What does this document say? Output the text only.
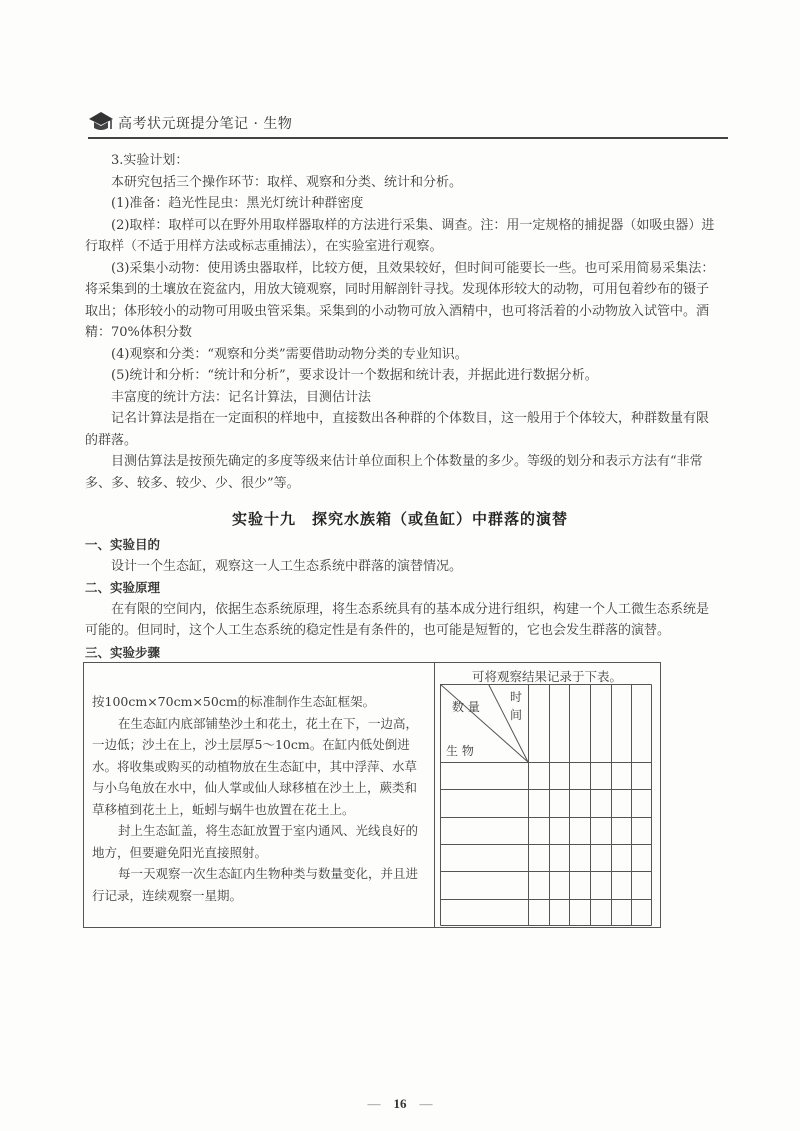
高考状元斑提分笔记 · 生物

3.实验计划：

本研究包括三个操作环节：取样、观察和分类、统计和分析。

(1)准备：趋光性昆虫：黑光灯统计种群密度

(2)取样：取样可以在野外用取样器取样的方法进行采集、调查。注：用一定规格的捕捉器（如吸虫器）进行取样（不适于用样方法或标志重捕法），在实验室进行观察。

(3)采集小动物：使用诱虫器取样，比较方便，且效果较好，但时间可能要长一些。也可采用简易采集法：将采集到的土壤放在瓷盆内，用放大镜观察，同时用解剖针寻找。发现体形较大的动物，可用包着纱布的镊子取出；体形较小的动物可用吸虫管采集。采集到的小动物可放入酒精中，也可将活着的小动物放入试管中。酒精：70%体积分数

(4)观察和分类：“观察和分类”需要借助动物分类的专业知识。

(5)统计和分析：“统计和分析”，要求设计一个数据和统计表，并据此进行数据分析。

丰富度的统计方法：记名计算法，目测估计法

记名计算法是指在一定面积的样地中，直接数出各种群的个体数目，这一般用于个体较大，种群数量有限的群落。

目测估算法是按预先确定的多度等级来估计单位面积上个体数量的多少。等级的划分和表示方法有“非常多、多、较多、较少、少、很少”等。

实验十九　探究水族箱（或鱼缸）中群落的演替

一、实验目的

设计一个生态缸，观察这一人工生态系统中群落的演替情况。

二、实验原理

在有限的空间内，依据生态系统原理，将生态系统具有的基本成分进行组织，构建一个人工微生态系统是可能的。但同时，这个人工生态系统的稳定性是有条件的，也可能是短暂的，它也会发生群落的演替。

三、实验步骤

按100cm×70cm×50cm的标准制作生态缸框架。

在生态缸内底部铺垫沙土和花土，花土在下，一边高，一边低；沙土在上，沙土层厚5～10cm。在缸内低处倒进水。将收集或购买的动植物放在生态缸中，其中浮萍、水草与小乌龟放在水中，仙人掌或仙人球移植在沙土上，蕨类和草移植到花土上，蚯蚓与蜗牛也放置在花土上。

封上生态缸盖，将生态缸放置于室内通风、光线良好的地方，但要避免阳光直接照射。

每一天观察一次生态缸内生物种类与数量变化，并且进行记录，连续观察一星期。

可将观察结果记录于下表。
数 量
时 间
生 物
—　16　—
